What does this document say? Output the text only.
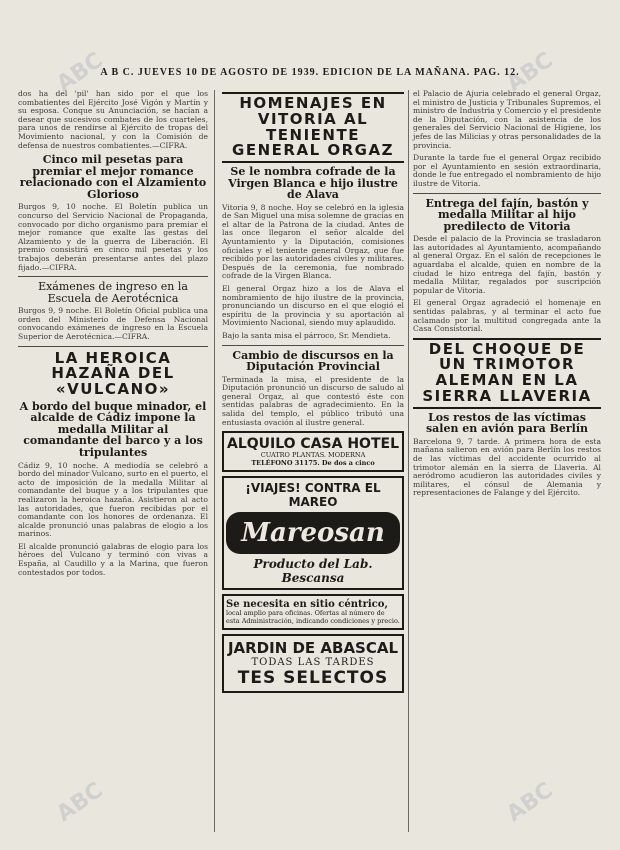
ABC	ABC
ABC	ABC
A B C. JUEVES 10 DE AGOSTO DE 1939. EDICION DE LA MAÑANA. PAG. 12.

dos ha del 'pil' han sido por el que los combatientes del Ejército José Vigón y Martín y su esposa. Conque su Anunciación, se hacían a desear que sucesivos combates de los cuarteles, para unos de rendirse al Ejército de tropas del Movimiento nacional, y con la Comisión de defensa de nuestros combatientes.—CIFRA.

Cinco mil pesetas para premiar el mejor romance relacionado con el Alzamiento Glorioso

Burgos 9, 10 noche. El Boletín publica un concurso del Servicio Nacional de Propaganda, convocado por dicho organismo para premiar el mejor romance que exalte las gestas del Alzamiento y de la guerra de Liberación. El premio consistirá en cinco mil pesetas y los trabajos deberán presentarse antes del plazo fijado.—CIFRA.

Exámenes de ingreso en la Escuela de Aerotécnica

Burgos 9, 9 noche. El Boletín Oficial publica una orden del Ministerio de Defensa Nacional convocando exámenes de ingreso en la Escuela Superior de Aerotécnica.—CIFRA.

LA HEROICA HAZAÑA DEL «VULCANO»
A bordo del buque minador, el alcalde de Cádiz impone la medalla Militar al comandante del barco y a los tripulantes

Cádiz 9, 10 noche. A mediodía se celebró a bordo del minador Vulcano, surto en el puerto, el acto de imposición de la medalla Militar al comandante del buque y a los tripulantes que realizaron la heroica hazaña. Asistieron al acto las autoridades, que fueron recibidas por el comandante con los honores de ordenanza. El alcalde pronunció unas palabras de elogio a los marinos.

El alcalde pronunció galabras de elogio para los héroes del Vulcano y terminó con vivas a España, al Caudillo y a la Marina, que fueron contestados por todos.

HOMENAJES EN VITORIA AL TENIENTE GENERAL ORGAZ
Se le nombra cofrade de la Virgen Blanca e hijo ilustre de Alava

Vitoria 9, 8 noche. Hoy se celebró en la iglesia de San Miguel una misa solemne de gracias en el altar de la Patrona de la ciudad. Antes de las once llegaron el señor alcalde del Ayuntamiento y la Diputación, comisiones oficiales y el teniente general Orgaz, que fue recibido por las autoridades civiles y militares. Después de la ceremonia, fue nombrado cofrade de la Virgen Blanca.

El general Orgaz hizo a los de Alava el nombramiento de hijo ilustre de la provincia, pronunciando un discurso en el que elogió el espíritu de la provincia y su aportación al Movimiento Nacional, siendo muy aplaudido.

Bajo la santa misa el párroco, Sr. Mendieta.

Cambio de discursos en la Diputación Provincial

Terminada la misa, el presidente de la Diputación pronunció un discurso de saludo al general Orgaz, al que contestó éste con sentidas palabras de agradecimiento. En la salida del templo, el público tributó una entusiasta ovación al ilustre general.

ALQUILO CASA HOTEL
CUATRO PLANTAS. MODERNA
TELÉFONO 31175. De dos a cinco
¡VIAJES! CONTRA EL MAREO
Mareosan
Producto del Lab. Bescansa
Se necesita en sitio céntrico,
local amplio para oficinas. Ofertas al número de esta Administración, indicando condiciones y precio.
JARDIN DE ABASCAL
TODAS LAS TARDES
TES SELECTOS

el Palacio de Ajuria celebrado el general Orgaz, el ministro de Justicia y Tribunales Supremos, el ministro de Industria y Comercio y el presidente de la Diputación, con la asistencia de los generales del Servicio Nacional de Higiene, los jefes de las Milicias y otras personalidades de la provincia.

Durante la tarde fue el general Orgaz recibido por el Ayuntamiento en sesión extraordinaria, donde le fue entregado el nombramiento de hijo ilustre de Vitoria.

Entrega del fajín, bastón y medalla Militar al hijo predilecto de Vitoria

Desde el palacio de la Provincia se trasladaron las autoridades al Ayuntamiento, acompañando al general Orgaz. En el salón de recepciones le aguardaba el alcalde, quien en nombre de la ciudad le hizo entrega del fajín, bastón y medalla Militar, regalados por suscripción popular de Vitoria.

El general Orgaz agradeció el homenaje en sentidas palabras, y al terminar el acto fue aclamado por la multitud congregada ante la Casa Consistorial.

DEL CHOQUE DE UN TRIMOTOR ALEMAN EN LA SIERRA LLAVERIA
Los restos de las víctimas salen en avión para Berlín

Barcelona 9, 7 tarde. A primera hora de esta mañana salieron en avión para Berlín los restos de las víctimas del accidente ocurrido al trimotor alemán en la sierra de Llaveria. Al aeródromo acudieron las autoridades civiles y militares, el cónsul de Alemania y representaciones de Falange y del Ejército.
